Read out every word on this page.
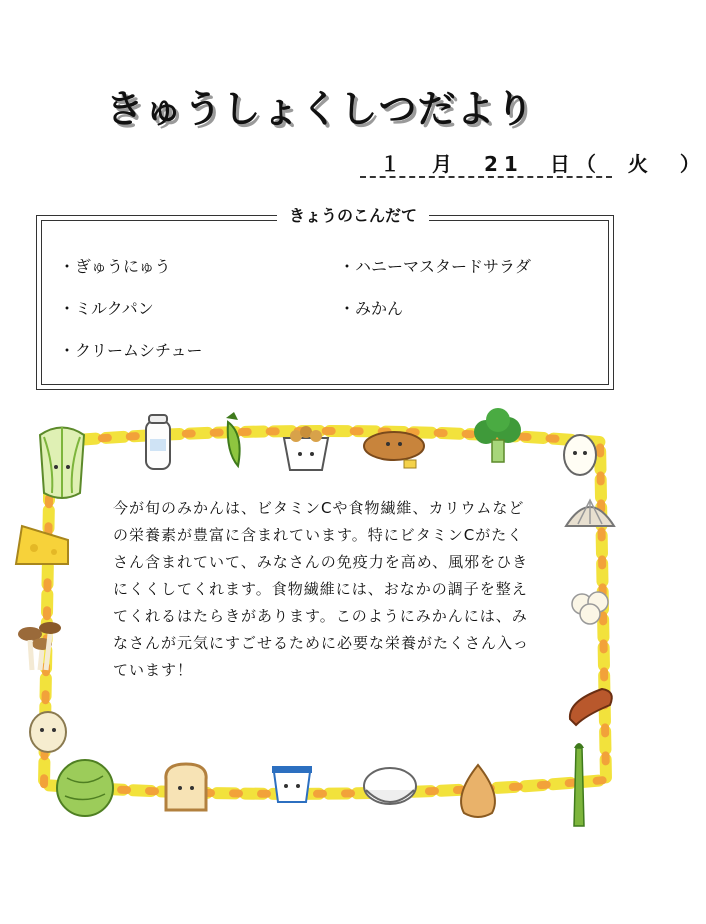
きゅうしょくしつだより
１　月　21　日（　火　）
きょうのこんだて
・ぎゅうにゅう
・ミルクパン
・クリームシチュー
・ハニーマスタードサラダ
・みかん
今が旬のみかんは、ビタミンCや食物繊維、カリウムなどの栄養素が豊富に含まれています。特にビタミンCがたくさん含まれていて、みなさんの免疫力を高め、風邪をひきにくくしてくれます。食物繊維には、おなかの調子を整えてくれるはたらきがあります。このようにみかんには、みなさんが元気にすごせるために必要な栄養がたくさん入っています！
